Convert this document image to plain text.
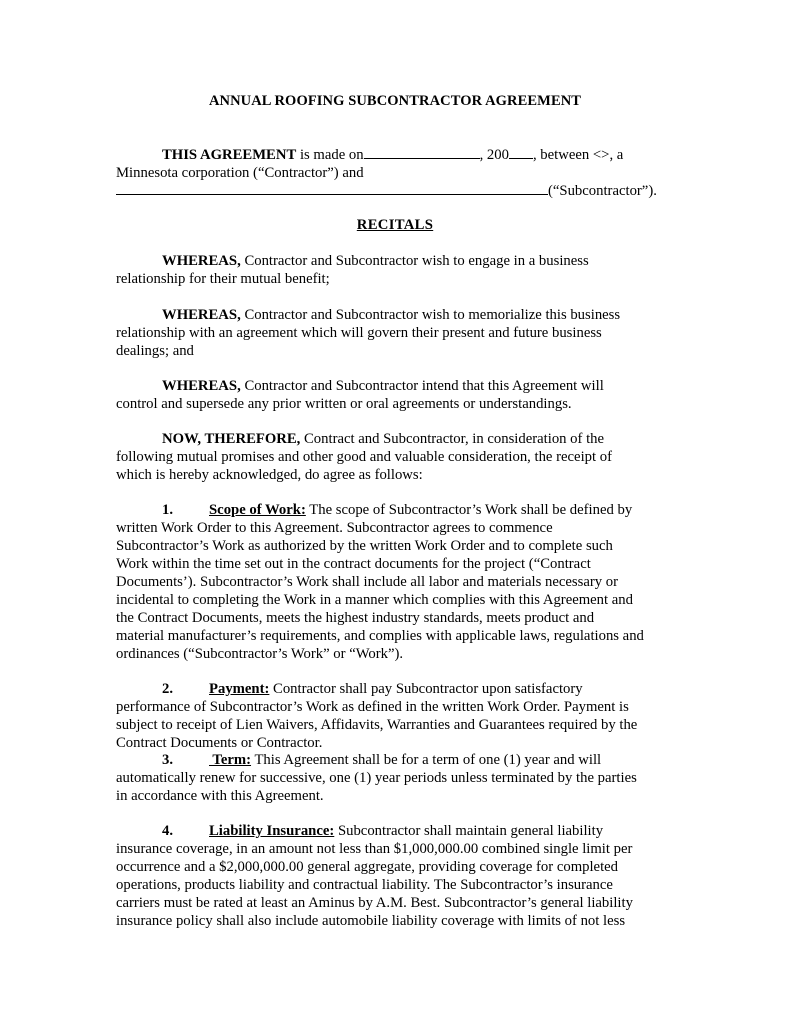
ANNUAL ROOFING SUBCONTRACTOR AGREEMENT
THIS AGREEMENT is made on	, 200 , between <>, a
Minnesota corporation (“Contractor”) and
(“Subcontractor”).
RECITALS
WHEREAS, Contractor and Subcontractor wish to engage in a business
relationship for their mutual benefit;
WHEREAS, Contractor and Subcontractor wish to memorialize this business
relationship with an agreement which will govern their present and future business
dealings; and
WHEREAS, Contractor and Subcontractor intend that this Agreement will
control and supersede any prior written or oral agreements or understandings.
NOW, THEREFORE, Contract and Subcontractor, in consideration of the
following mutual promises and other good and valuable consideration, the receipt of
which is hereby acknowledged, do agree as follows:
1. Scope of Work: The scope of Subcontractor’s Work shall be defined by
written Work Order to this Agreement. Subcontractor agrees to commence
Subcontractor’s Work as authorized by the written Work Order and to complete such
Work within the time set out in the contract documents for the project (“Contract
Documents’). Subcontractor’s Work shall include all labor and materials necessary or
incidental to completing the Work in a manner which complies with this Agreement and
the Contract Documents, meets the highest industry standards, meets product and
material manufacturer’s requirements, and complies with applicable laws, regulations and
ordinances (“Subcontractor’s Work” or “Work”).
2. Payment: Contractor shall pay Subcontractor upon satisfactory
performance of Subcontractor’s Work as defined in the written Work Order. Payment is
subject to receipt of Lien Waivers, Affidavits, Warranties and Guarantees required by the
Contract Documents or Contractor.
3. Term: This Agreement shall be for a term of one (1) year and will
automatically renew for successive, one (1) year periods unless terminated by the parties
in accordance with this Agreement.
4. Liability Insurance: Subcontractor shall maintain general liability
insurance coverage, in an amount not less than $1,000,000.00 combined single limit per
occurrence and a $2,000,000.00 general aggregate, providing coverage for completed
operations, products liability and contractual liability. The Subcontractor’s insurance
carriers must be rated at least an Aminus by A.M. Best. Subcontractor’s general liability
insurance policy shall also include automobile liability coverage with limits of not less
